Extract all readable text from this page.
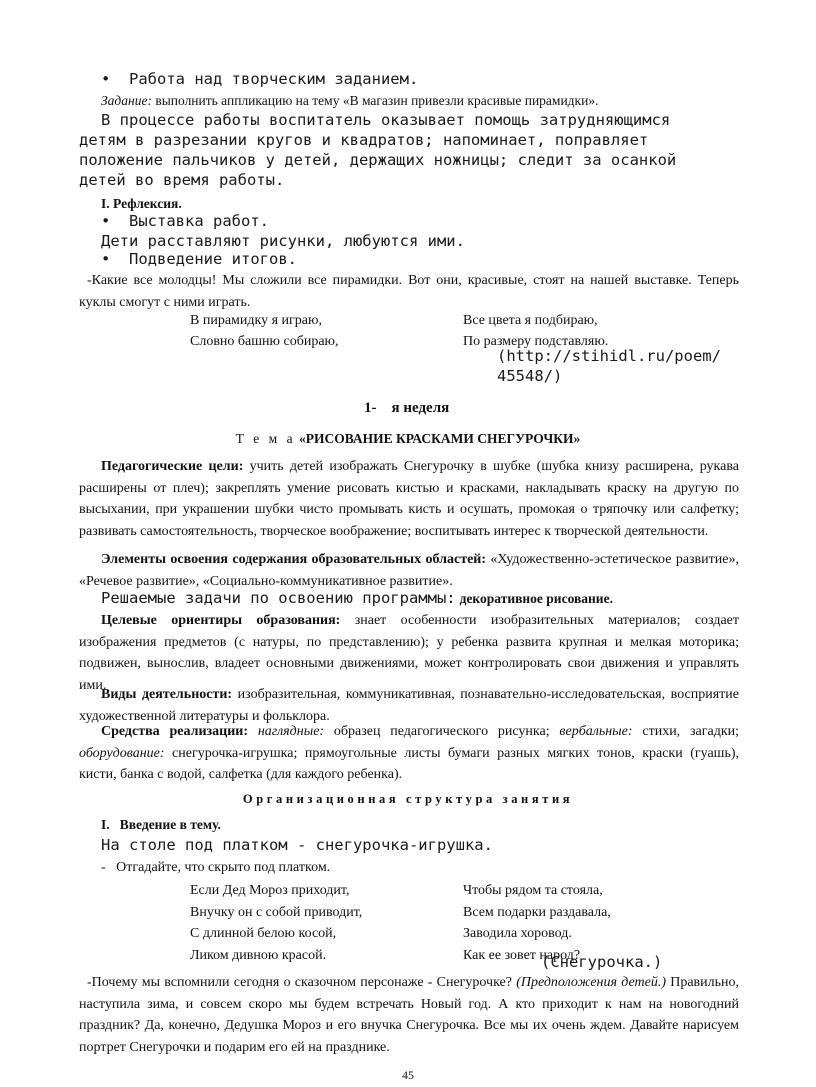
• Работа над творческим заданием.
Задание: выполнить аппликацию на тему «В магазин привезли красивые пирамидки».
В процессе работы воспитатель оказывает помощь затрудняющимся
детям в разрезании кругов и квадратов; напоминает, поправляет
положение пальчиков у детей, держащих ножницы; следит за осанкой
детей во время работы.
I. Рефлексия.
• Выставка работ.
Дети расставляют рисунки, любуются ими.
• Подведение итогов.
-Какие все молодцы! Мы сложили все пирамидки. Вот они, красивые, стоят на нашей выставке. Теперь куклы смогут с ними играть.
В пирамидку я играю,
Словно башню собираю,
Все цвета я подбираю,
По размеру подставляю.
(http://stihidl.ru/poem/
45548/)
1-    я неделя
Т е м а «РИСОВАНИЕ КРАСКАМИ СНЕГУРОЧКИ»
Педагогические цели: учить детей изображать Снегурочку в шубке (шубка книзу расширена, рукава расширены от плеч); закреплять умение рисовать кистью и красками, накладывать краску на другую по высыхании, при украшении шубки чисто промывать кисть и осушать, промокая о тряпочку или салфетку; развивать самостоятельность, творческое воображение; воспитывать интерес к творческой деятельности.
Элементы освоения содержания образовательных областей: «Художественно-эстетическое развитие», «Речевое развитие», «Социально-коммуникативное развитие».
Решаемые задачи по освоению программы: декоративное рисование.
Целевые ориентиры образования: знает особенности изобразительных материалов; создает изображения предметов (с натуры, по представлению); у ребенка развита крупная и мелкая моторика; подвижен, вынослив, владеет основными движениями, может контролировать свои движения и управлять ими.
Виды деятельности: изобразительная, коммуникативная, познавательно-исследовательская, восприятие художественной литературы и фольклора.
Средства реализации: наглядные: образец педагогического рисунка; вербальные: стихи, загадки; оборудование: снегурочка-игрушка; прямоугольные листы бумаги разных мягких тонов, краски (гуашь), кисти, банка с водой, салфетка (для каждого ребенка).
Организационная структура занятия
I.   Введение в тему.
На столе под платком - снегурочка-игрушка.
-   Отгадайте, что скрыто под платком.
Если Дед Мороз приходит,
Внучку он с собой приводит,
С длинной белою косой,
Ликом дивною красой.
Чтобы рядом та стояла,
Всем подарки раздавала,
Заводила хоровод.
Как ее зовет народ?
(Снегурочка.)
-Почему мы вспомнили сегодня о сказочном персонаже - Снегурочке? (Предположения детей.) Правильно, наступила зима, и совсем скоро мы будем встречать Новый год. А кто приходит к нам на новогодний праздник? Да, конечно, Дедушка Мороз и его внучка Снегурочка. Все мы их очень ждем. Давайте нарисуем портрет Снегурочки и подарим его ей на празднике.
45
